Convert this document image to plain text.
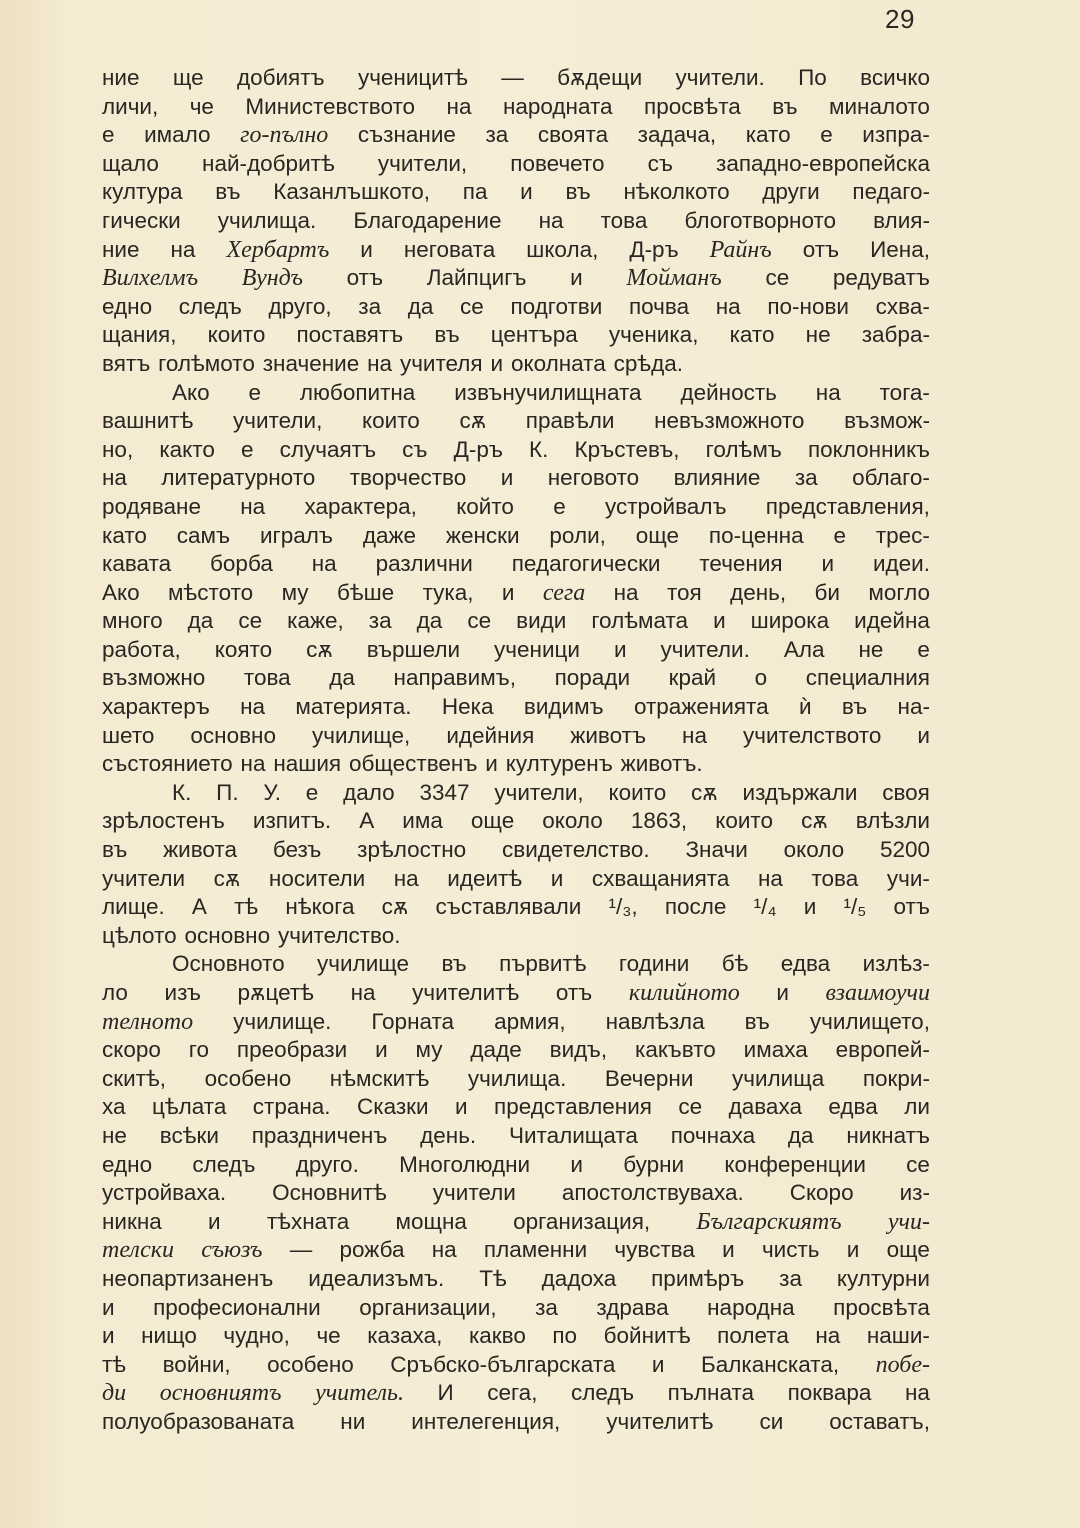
29
ние ще добиятъ ученицитѣ — бѫдещи учители. По всичко
личи, че Министевството на народната просвѣта въ миналото
е имало го-пълно съзнание за своята задача, като е изпра-
щало най-добритѣ учители, повечето съ западно-европейска
култура въ Казанлъшкото, па и въ нѣколкото други педаго-
гически училища. Благодарение на това блоготворното влия-
ние на Хербартъ и неговата школа, Д-ръ Райнъ отъ Иена,
Вилхелмъ Вундъ отъ Лайпцигъ и Мойманъ се редуватъ
едно следъ друго, за да се подготви почва на по-нови схва-
щания, които поставятъ въ центъра ученика, като не забра-
вятъ голѣмото значение на учителя и околната срѣда.
Ако е любопитна извънучилищната дейность на тога-
вашнитѣ учители, които сѫ правѣли невъзможното възмож-
но, както е случаятъ съ Д-ръ К. Кръстевъ, голѣмъ поклонникъ
на литературното творчество и неговото влияние за облаго-
родяване на характера, който е устройвалъ представления,
като самъ игралъ даже женски роли, още по-ценна е трес-
кавата борба на различни педагогически течения и идеи.
Ако мѣстото му бѣше тука, и сега на тоя день, би могло
много да се каже, за да се види голѣмата и широка идейна
работа, която сѫ вършели ученици и учители. Ала не е
възможно това да направимъ, поради край о специалния
характеръ на материята. Нека видимъ отраженията ѝ въ на-
шето основно училище, идейния животъ на учителството и
състоянието на нашия общественъ и културенъ животъ.
К. П. У. е дало 3347 учители, които сѫ издържали своя
зрѣлостенъ изпитъ. А има още около 1863, които сѫ влѣзли
въ живота безъ зрѣлостно свидетелство. Значи около 5200
учители сѫ носители на идеитѣ и схващанията на това учи-
лище. А тѣ нѣкога сѫ съставлявали ¹/₃, после ¹/₄ и ¹/₅ отъ
цѣлото основно учителство.
Основното училище въ първитѣ години бѣ едва излѣз-
ло изъ рѫцетѣ на учителитѣ отъ килийното и взаимоучи
телното училище. Горната армия, навлѣзла въ училището,
скоро го преобрази и му даде видъ, какъвто имаха европей-
скитѣ, особено нѣмскитѣ училища. Вечерни училища покри-
ха цѣлата страна. Сказки и представления се даваха едва ли
не всѣки праздниченъ день. Читалищата почнаха да никнатъ
едно следъ друго. Многолюдни и бурни конференции се
устройваха. Основнитѣ учители апостолствуваха. Скоро из-
никна и тѣхната мощна организация, Българскиятъ учи-
телски съюзъ — рожба на пламенни чувства и чисть и още
неопартизаненъ идеализъмъ. Тѣ дадоха примѣръ за културни
и професионални организации, за здрава народна просвѣта
и нищо чудно, че казаха, какво по бойнитѣ полета на наши-
тѣ войни, особено Сръбско-българската и Балканската, побе-
ди основниятъ учитель. И сега, следъ пълната поквара на
полуобразованата ни интелегенция, учителитѣ си оставатъ,
